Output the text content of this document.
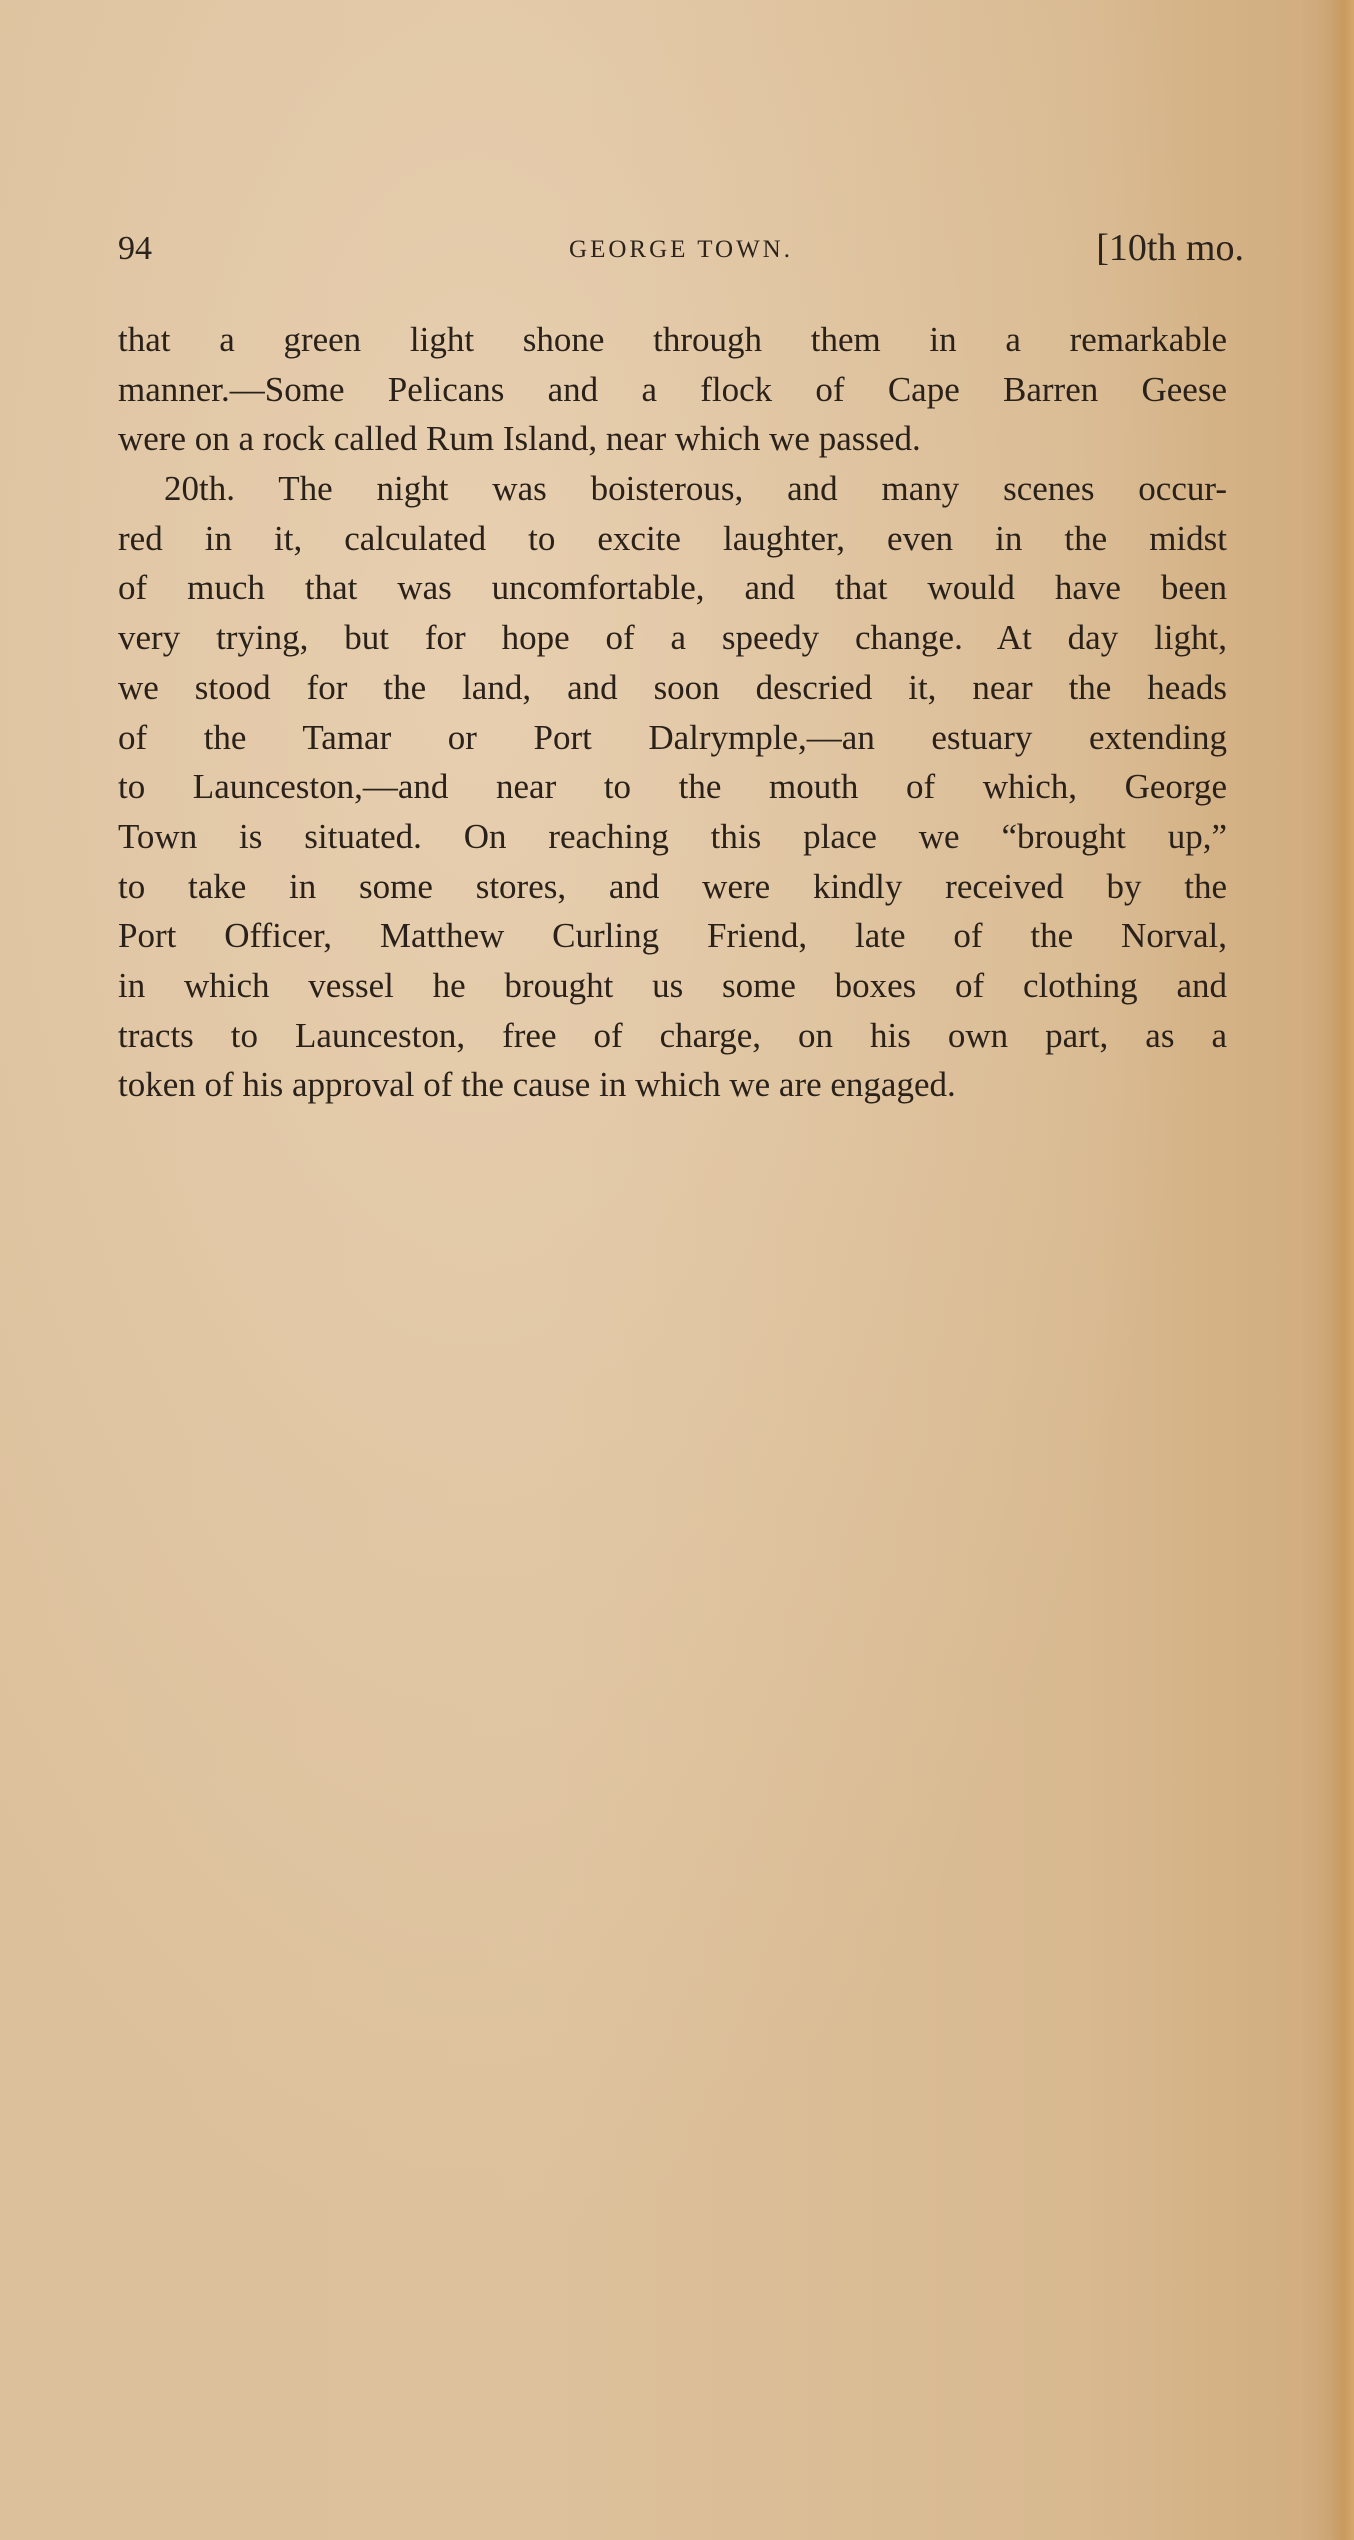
94	GEORGE TOWN.	[10th mo.
that a green light shone through them in a remarkable
manner.—Some Pelicans and a flock of Cape Barren Geese
were on a rock called Rum Island, near which we passed.
20th. The night was boisterous, and many scenes occur-
red in it, calculated to excite laughter, even in the midst
of much that was uncomfortable, and that would have been
very trying, but for hope of a speedy change. At day light,
we stood for the land, and soon descried it, near the heads
of the Tamar or Port Dalrymple,—an estuary extending
to Launceston,—and near to the mouth of which, George
Town is situated. On reaching this place we “brought up,”
to take in some stores, and were kindly received by the
Port Officer, Matthew Curling Friend, late of the Norval,
in which vessel he brought us some boxes of clothing and
tracts to Launceston, free of charge, on his own part, as a
token of his approval of the cause in which we are engaged.
